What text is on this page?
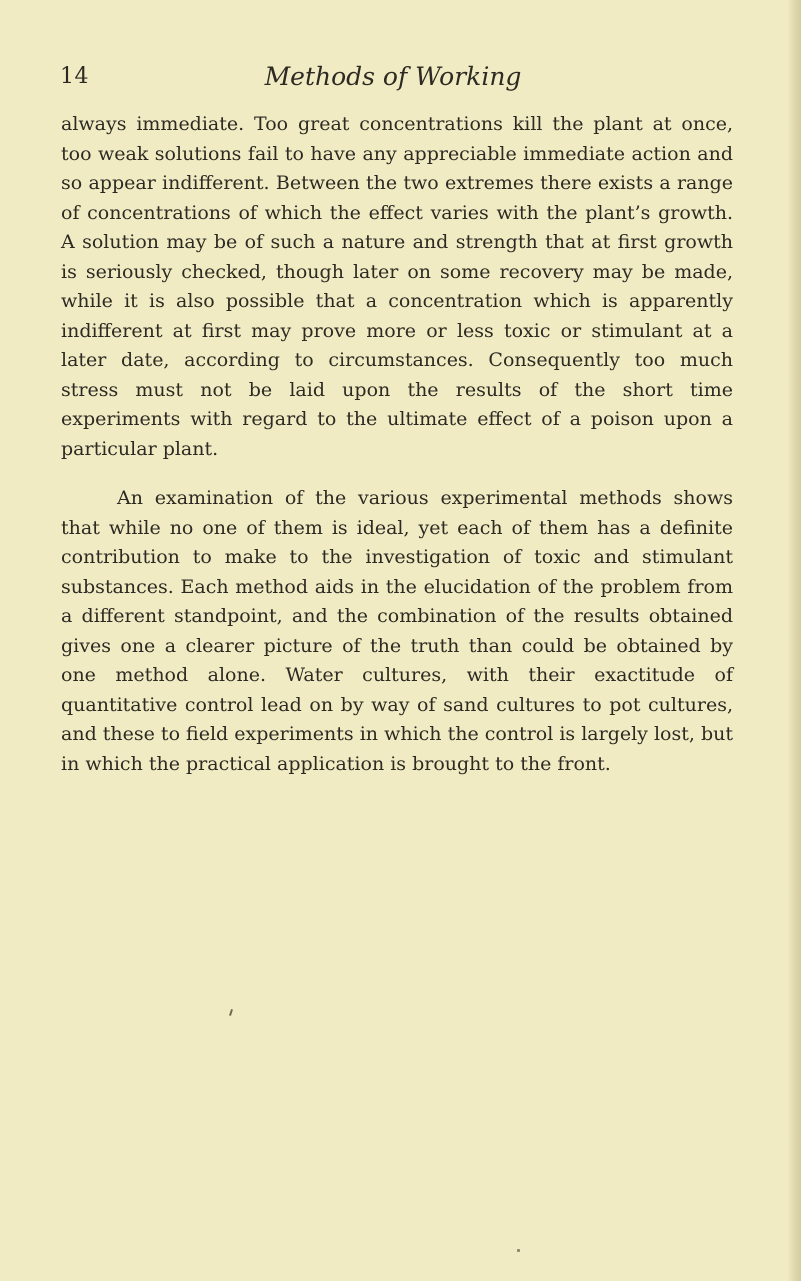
14	Methods of Working

always immediate. Too great concentrations kill the plant at once, too weak solutions fail to have any appreciable immediate action and so appear indifferent. Between the two extremes there exists a range of concentrations of which the effect varies with the plant’s growth. A solution may be of such a nature and strength that at first growth is seriously checked, though later on some recovery may be made, while it is also possible that a concentration which is apparently indifferent at first may prove more or less toxic or stimulant at a later date, according to circumstances. Consequently too much stress must not be laid upon the results of the short time experiments with regard to the ultimate effect of a poison upon a particular plant.

An examination of the various experimental methods shows that while no one of them is ideal, yet each of them has a definite contribution to make to the investigation of toxic and stimulant substances. Each method aids in the elucidation of the problem from a different standpoint, and the combination of the results obtained gives one a clearer picture of the truth than could be obtained by one method alone. Water cultures, with their exactitude of quantitative control lead on by way of sand cultures to pot cultures, and these to field experiments in which the control is largely lost, but in which the practical application is brought to the front.
